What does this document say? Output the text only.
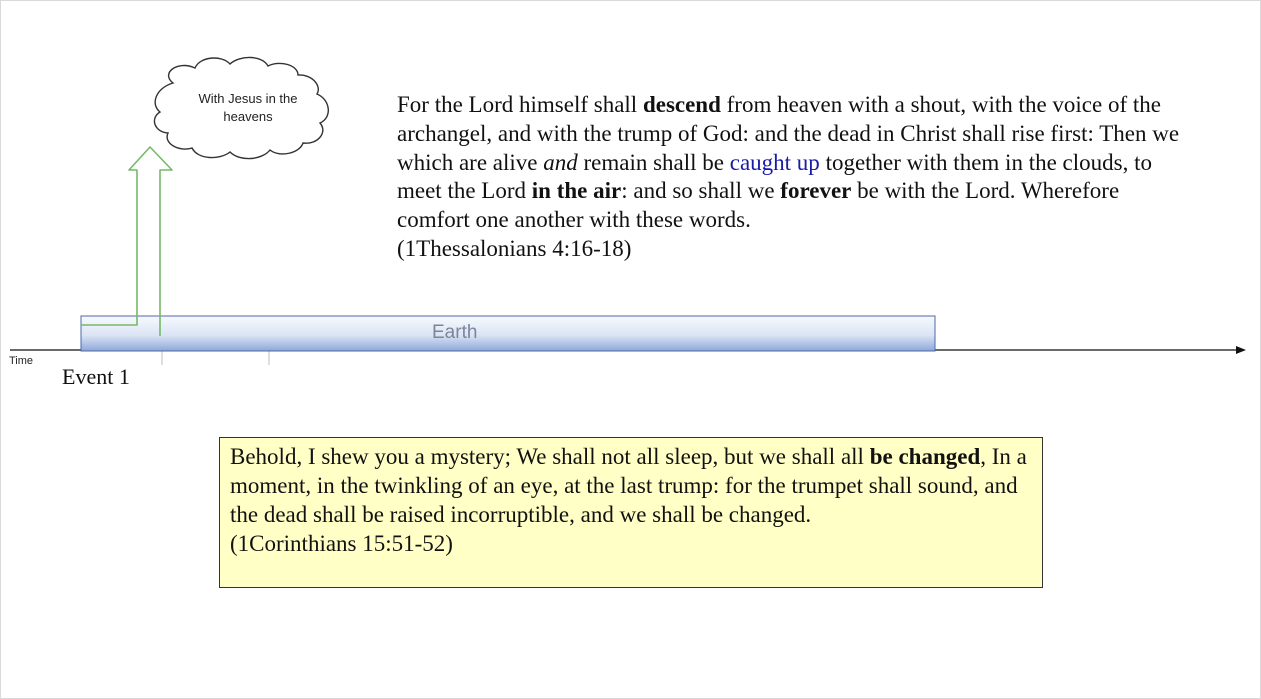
With Jesus in the heavens
Earth
Time
Event 1
For the Lord himself shall descend from heaven with a shout, with the voice of the archangel, and with the trump of God: and the dead in Christ shall rise first: Then we which are alive and remain shall be caught up together with them in the clouds, to meet the Lord in the air: and so shall we forever be with the Lord. Wherefore comfort one another with these words.
(1Thessalonians 4:16-18)
Behold, I shew you a mystery; We shall not all sleep, but we shall all be changed, In a moment, in the twinkling of an eye, at the last trump: for the trumpet shall sound, and the dead shall be raised incorruptible, and we shall be changed.
(1Corinthians 15:51-52)
